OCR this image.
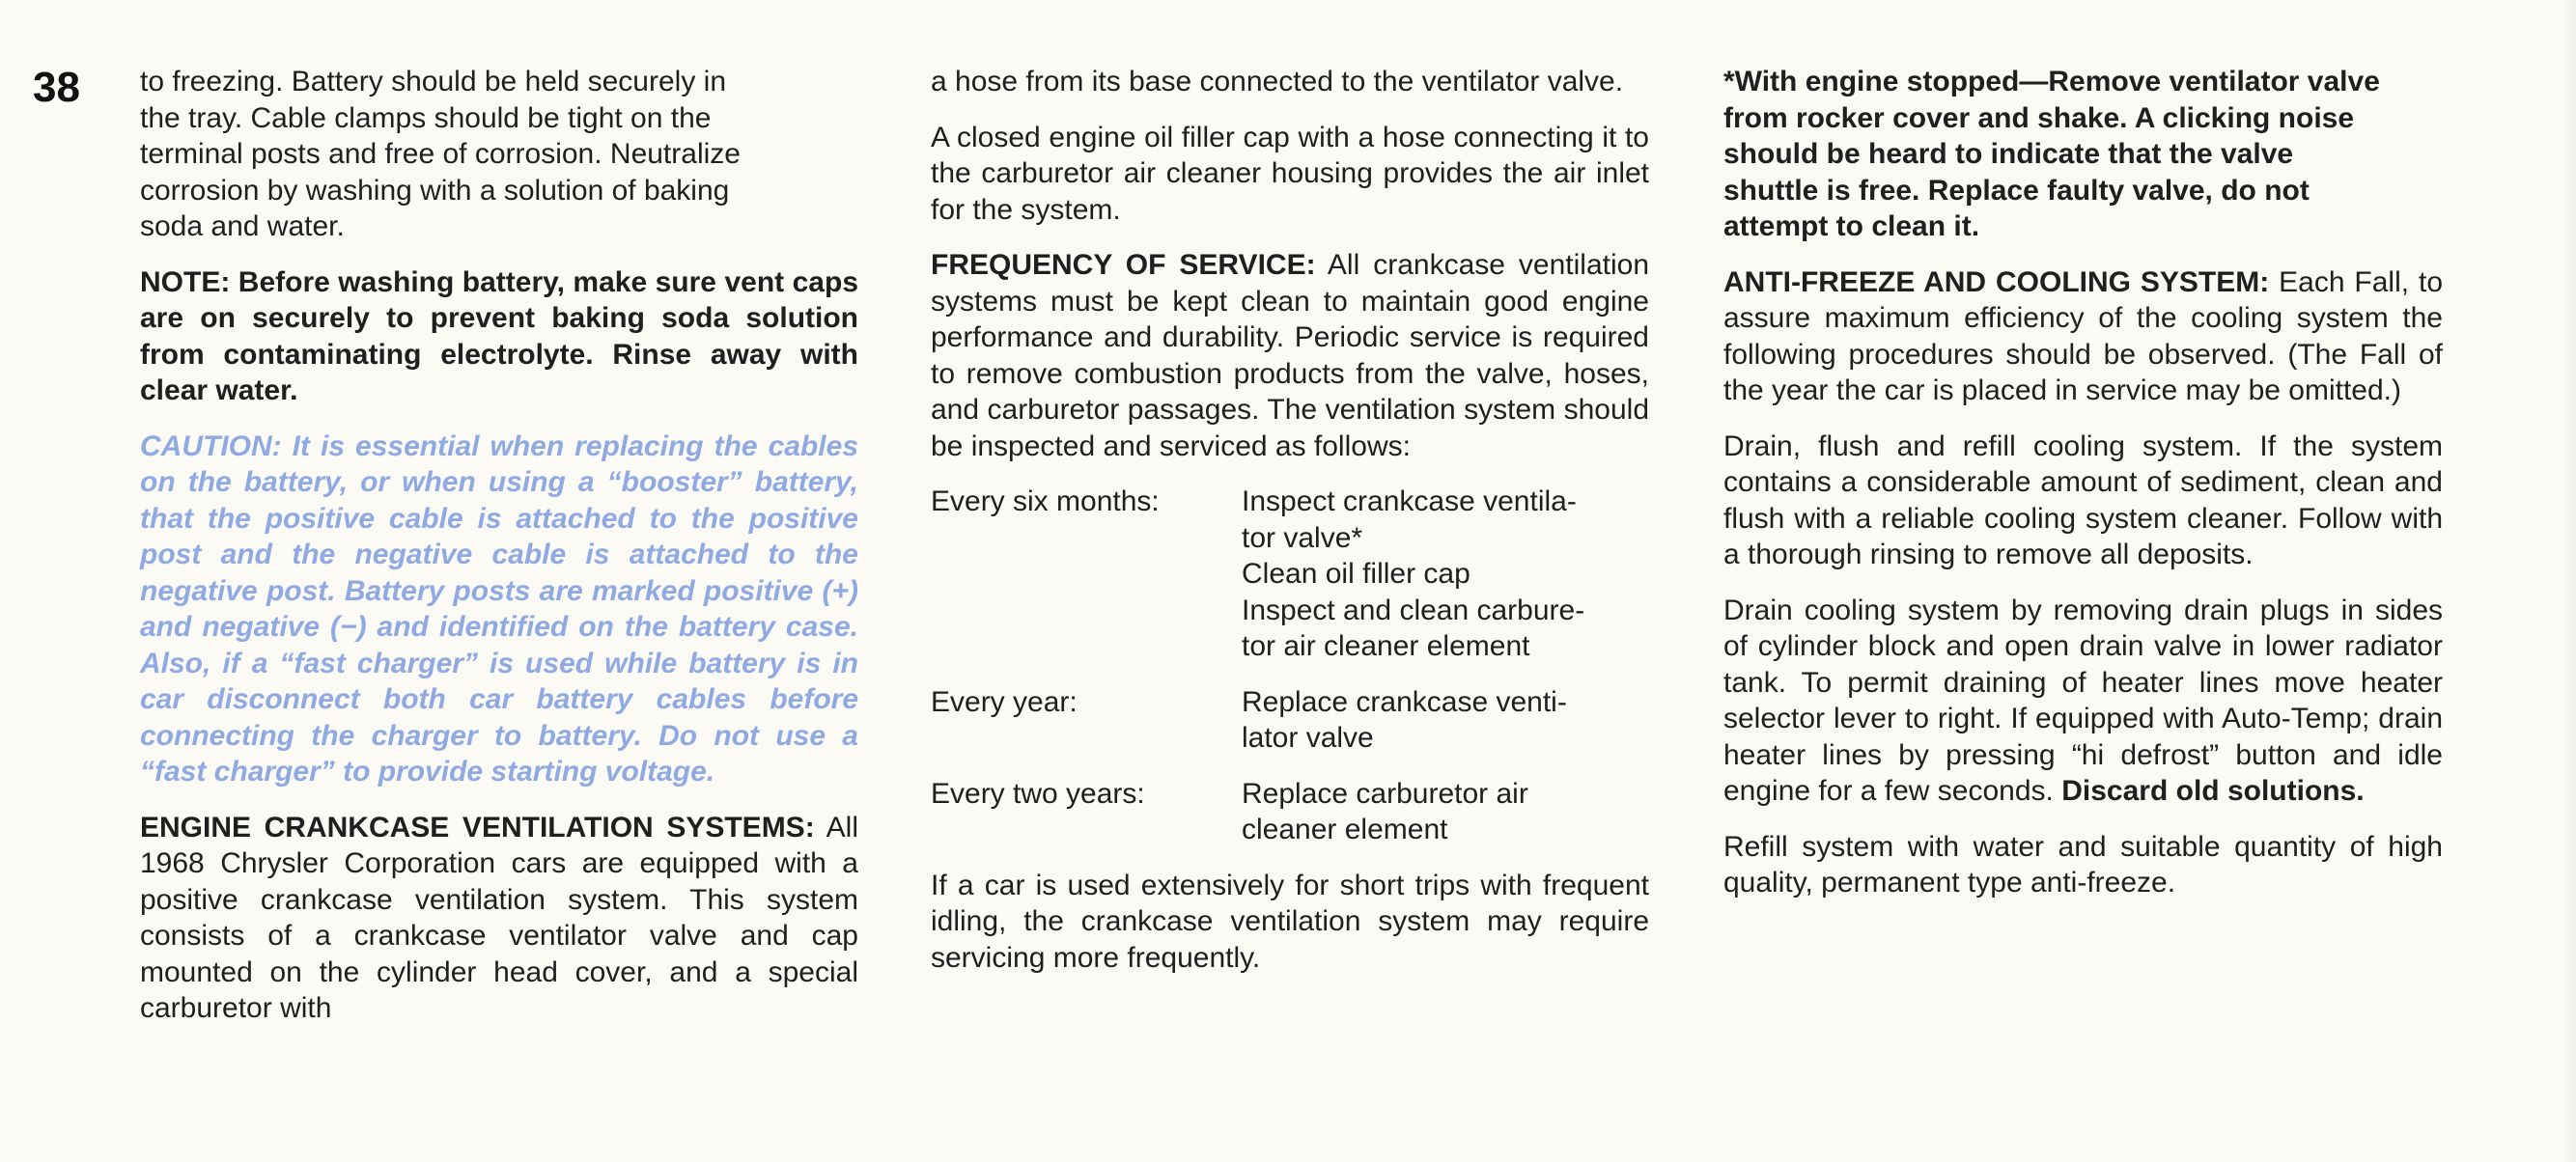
38 to freezing. Battery should be held securely in
the tray. Cable clamps should be tight on the
terminal posts and free of corrosion. Neutralize
corrosion by washing with a solution of baking
soda and water.

NOTE: Before washing battery, make sure vent caps are on securely to prevent baking soda solution from contaminating electrolyte. Rinse away with clear water.

CAUTION: It is essential when replacing the cables on the battery, or when using a “booster” battery, that the positive cable is attached to the positive post and the negative cable is attached to the negative post. Battery posts are marked positive (+) and negative (−) and identified on the battery case. Also, if a “fast charger” is used while battery is in car disconnect both car battery cables before connecting the charger to battery. Do not use a “fast charger” to provide starting voltage.

ENGINE CRANKCASE VENTILATION SYSTEMS: All 1968 Chrysler Corporation cars are equipped with a positive crankcase ventilation system. This system consists of a crankcase ventilator valve and cap mounted on the cylinder head cover, and a special carburetor with

a hose from its base connected to the ventilator valve.

A closed engine oil filler cap with a hose connecting it to the carburetor air cleaner housing provides the air inlet for the system.

FREQUENCY OF SERVICE: All crankcase ventilation systems must be kept clean to maintain good engine performance and durability. Periodic service is required to remove combustion products from the valve, hoses, and carburetor passages. The ventilation system should be inspected and serviced as follows:

Every six months:	Inspect crankcase ventila-
tor valve*
Clean oil filler cap
Inspect and clean carbure-
tor air cleaner element
Every year:	Replace crankcase venti-
lator valve
Every two years:	Replace carburetor air
cleaner element

If a car is used extensively for short trips with frequent idling, the crankcase ventilation system may require servicing more frequently.

*With engine stopped—Remove ventilator valve
from rocker cover and shake. A clicking noise
should be heard to indicate that the valve
shuttle is free. Replace faulty valve, do not
attempt to clean it.

ANTI-FREEZE AND COOLING SYSTEM: Each Fall, to assure maximum efficiency of the cooling system the following procedures should be observed. (The Fall of the year the car is placed in service may be omitted.)

Drain, flush and refill cooling system. If the system contains a considerable amount of sediment, clean and flush with a reliable cooling system cleaner. Follow with a thorough rinsing to remove all deposits.

Drain cooling system by removing drain plugs in sides of cylinder block and open drain valve in lower radiator tank. To permit draining of heater lines move heater selector lever to right. If equipped with Auto-Temp; drain heater lines by pressing “hi defrost” button and idle engine for a few seconds. Discard old solutions.

Refill system with water and suitable quantity of high quality, permanent type anti-freeze.
